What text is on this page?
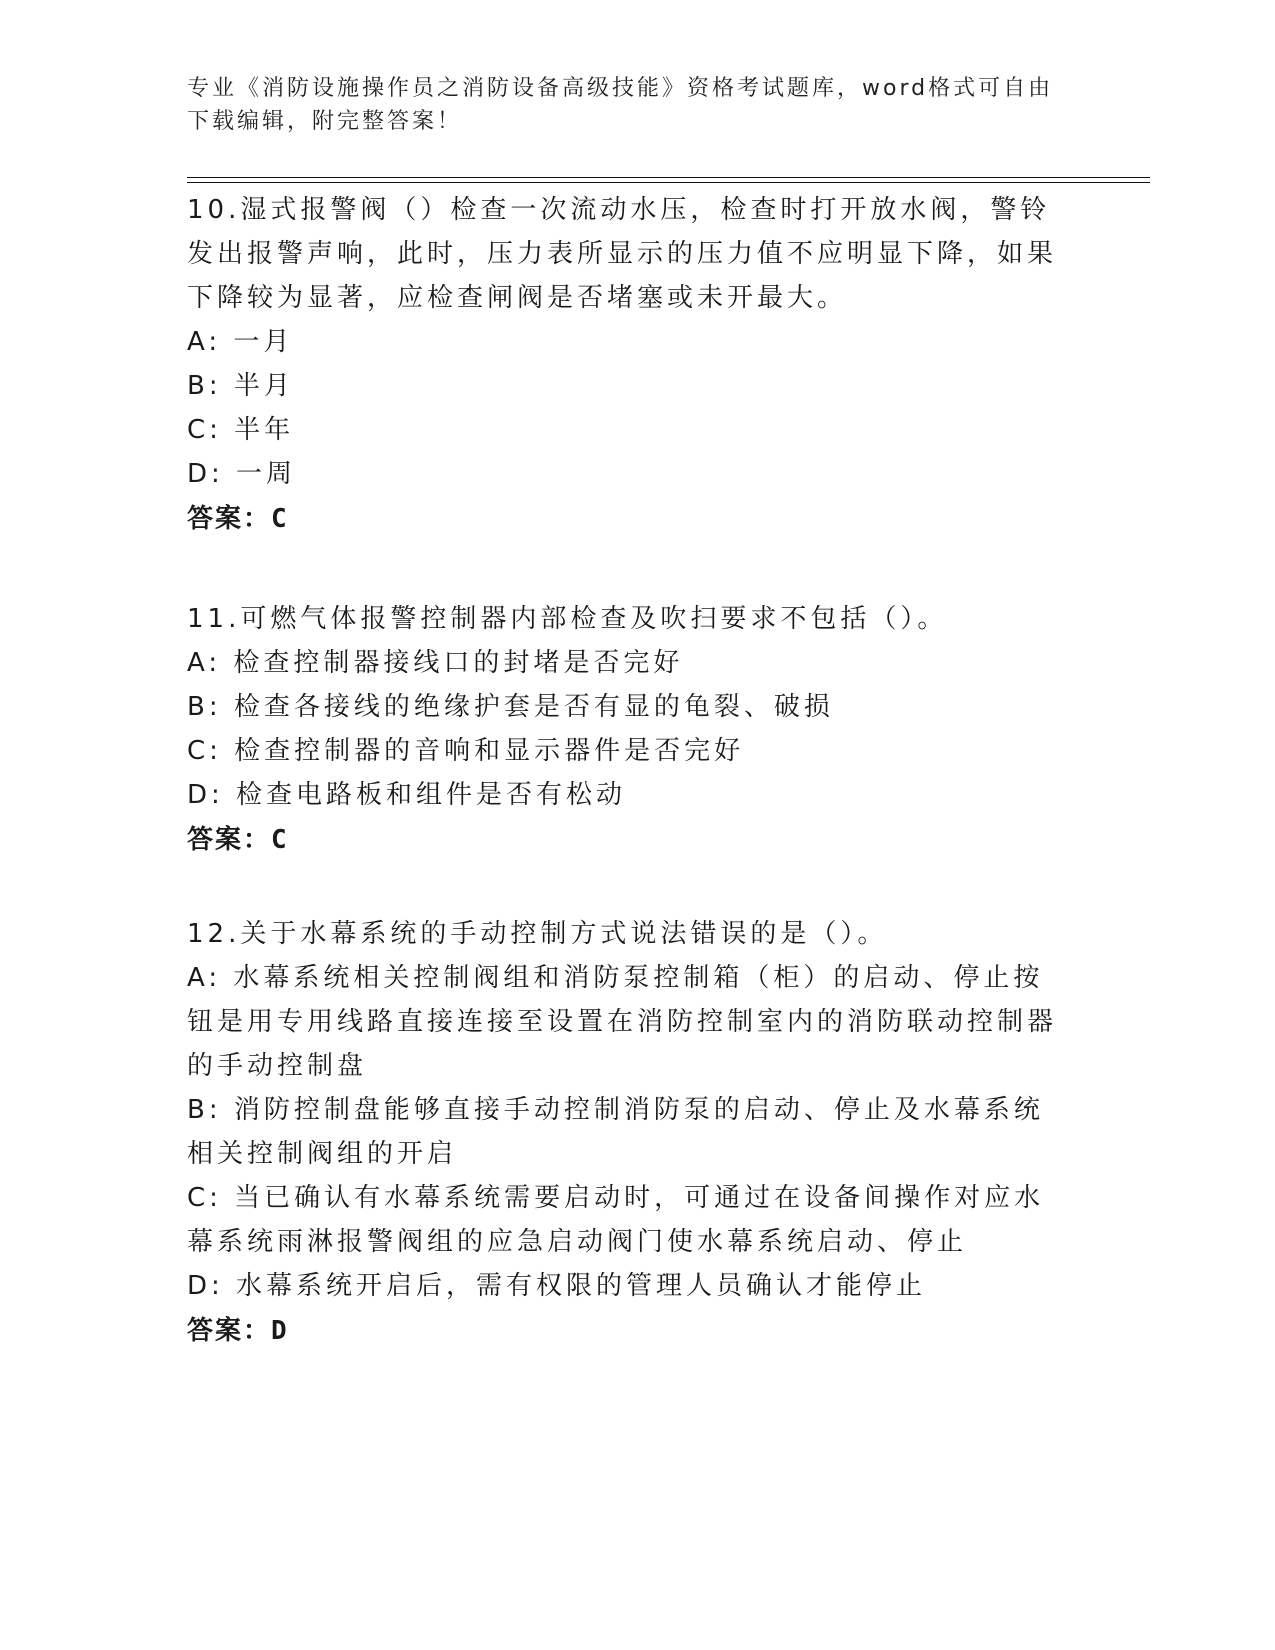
专业《消防设施操作员之消防设备高级技能》资格考试题库，word格式可自由下载编辑，附完整答案！
10.湿式报警阀（）检查一次流动水压，检查时打开放水阀，警铃发出报警声响，此时，压力表所显示的压力值不应明显下降，如果下降较为显著，应检查闸阀是否堵塞或未开最大。
A: 一月
B: 半月
C: 半年
D: 一周
答案：C
11.可燃气体报警控制器内部检查及吹扫要求不包括（）。
A: 检查控制器接线口的封堵是否完好
B: 检查各接线的绝缘护套是否有显的龟裂、破损
C: 检查控制器的音响和显示器件是否完好
D: 检查电路板和组件是否有松动
答案：C
12.关于水幕系统的手动控制方式说法错误的是（）。
A: 水幕系统相关控制阀组和消防泵控制箱（柜）的启动、停止按钮是用专用线路直接连接至设置在消防控制室内的消防联动控制器的手动控制盘
B: 消防控制盘能够直接手动控制消防泵的启动、停止及水幕系统相关控制阀组的开启
C: 当已确认有水幕系统需要启动时，可通过在设备间操作对应水幕系统雨淋报警阀组的应急启动阀门使水幕系统启动、停止
D: 水幕系统开启后，需有权限的管理人员确认才能停止
答案：D
